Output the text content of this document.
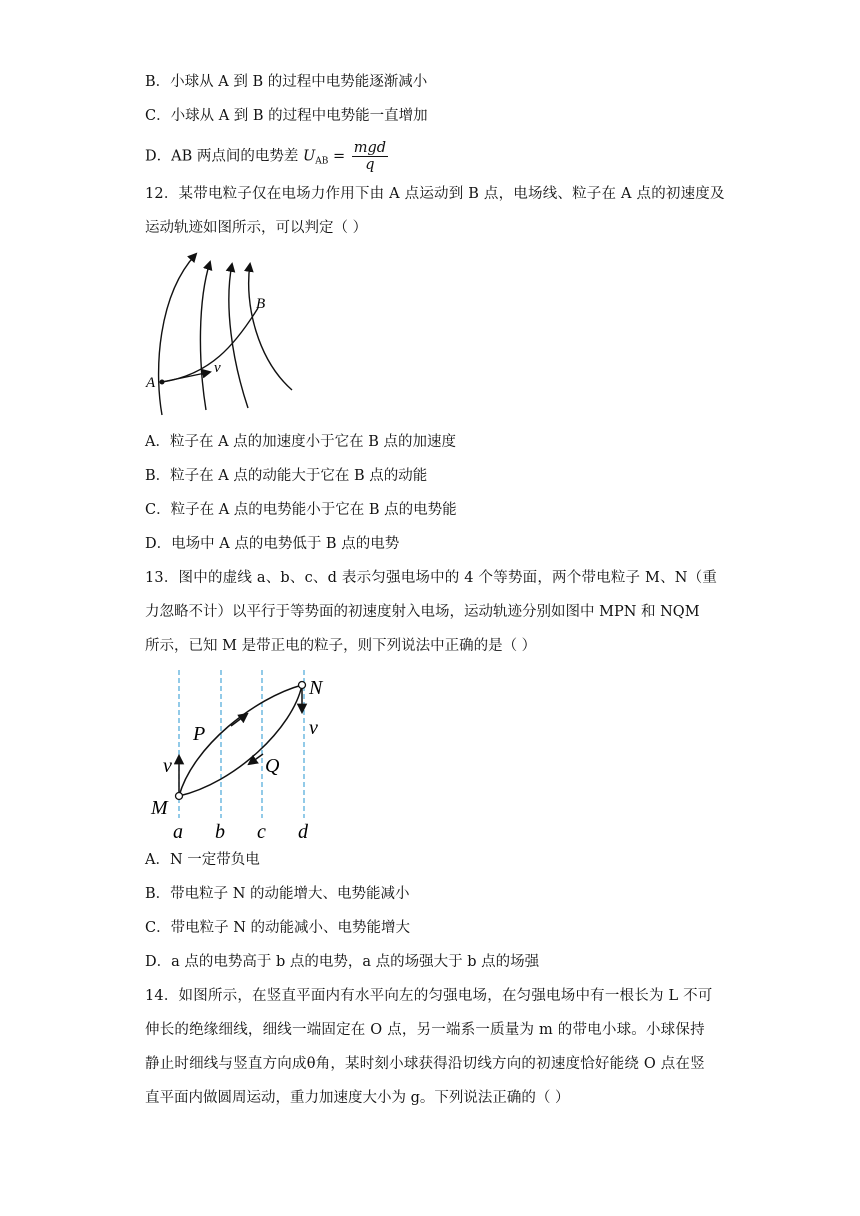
B．小球从 A 到 B 的过程中电势能逐渐减小
C．小球从 A 到 B 的过程中电势能一直增加
D．AB 两点间的电势差 $U_{AB} = \frac{\text{mgd}}{q}$
12．某带电粒子仅在电场力作用下由 A 点运动到 B 点，电场线、粒子在 A 点的初速度及
运动轨迹如图所示，可以判定（ ）
A
B
v
A．粒子在 A 点的加速度小于它在 B 点的加速度
B．粒子在 A 点的动能大于它在 B 点的动能
C．粒子在 A 点的电势能小于它在 B 点的电势能
D．电场中 A 点的电势低于 B 点的电势
13．图中的虚线 a、b、c、d 表示匀强电场中的 4 个等势面，两个带电粒子 M、N（重
力忽略不计）以平行于等势面的初速度射入电场，运动轨迹分别如图中 MPN 和 NQM
所示，已知 M 是带正电的粒子，则下列说法中正确的是（ ）
N
M
P
Q
v
v
a b c d
A．N 一定带负电
B．带电粒子 N 的动能增大、电势能减小
C．带电粒子 N 的动能减小、电势能增大
D．a 点的电势高于 b 点的电势，a 点的场强大于 b 点的场强
14．如图所示，在竖直平面内有水平向左的匀强电场，在匀强电场中有一根长为 L 不可
伸长的绝缘细线，细线一端固定在 O 点，另一端系一质量为 m 的带电小球。小球保持
静止时细线与竖直方向成θ角，某时刻小球获得沿切线方向的初速度恰好能绕 O 点在竖
直平面内做圆周运动，重力加速度大小为 g。下列说法正确的（ ）
